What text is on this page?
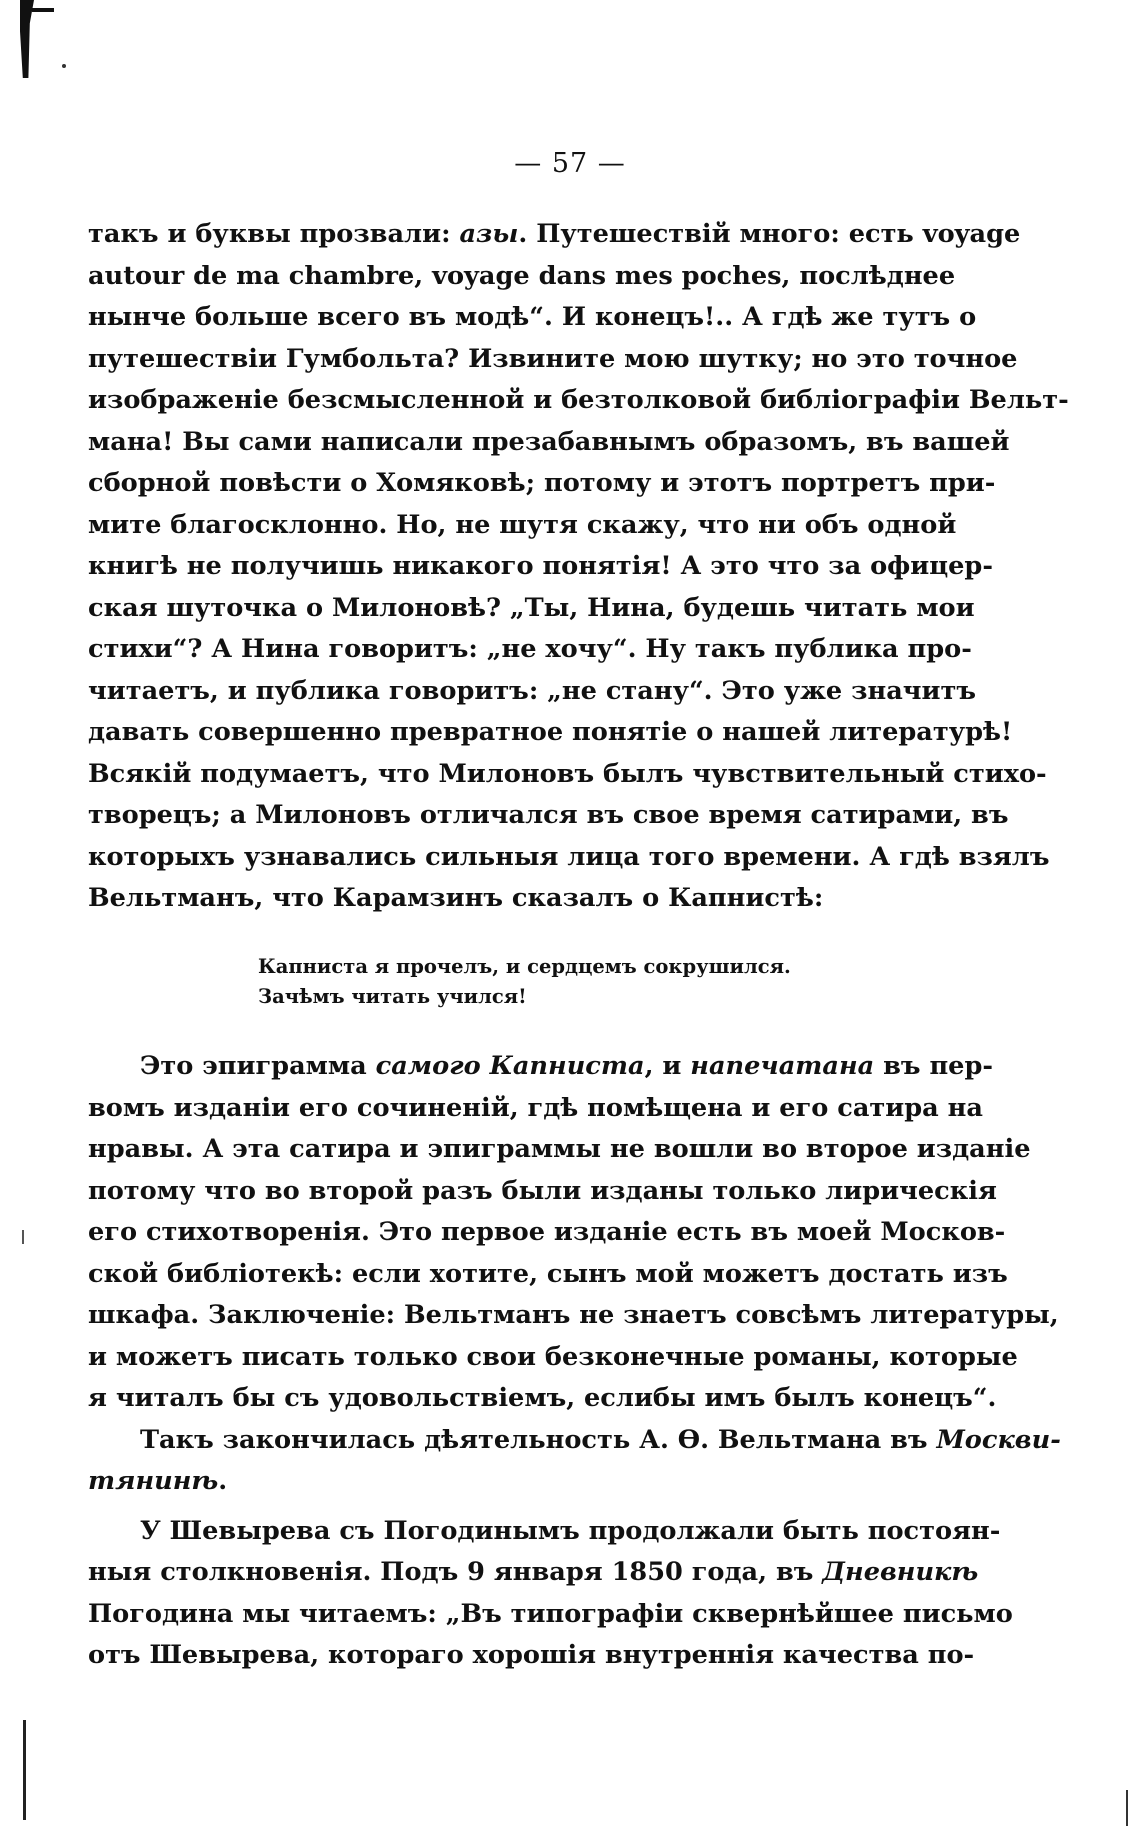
— 57 —

такъ и буквы прозвали: азы. Путешествій много: есть voyage

autour de ma chambre, voyage dans mes poches, послѣднее

нынче больше всего въ модѣ“. И конецъ!.. А гдѣ же тутъ о

путешествіи Гумбольта? Извините мою шутку; но это точное

изображеніе безсмысленной и безтолковой библіографіи Вельт-

мана! Вы сами написали презабавнымъ образомъ, въ вашей

сборной повѣсти о Хомяковѣ; потому и этотъ портретъ при-

мите благосклонно. Но, не шутя скажу, что ни объ одной

книгѣ не получишь никакого понятія! А это что за офицер-

ская шуточка о Милоновѣ? „Ты, Нина, будешь читать мои

стихи“? А Нина говоритъ: „не хочу“. Ну такъ публика про-

читаетъ, и публика говоритъ: „не стану“. Это уже значитъ

давать совершенно превратное понятіе о нашей литературѣ!

Всякій подумаетъ, что Милоновъ былъ чувствительный стихо-

творецъ; а Милоновъ отличался въ свое время сатирами, въ

которыхъ узнавались сильныя лица того времени. А гдѣ взялъ

Вельтманъ, что Карамзинъ сказалъ о Капнистѣ:

Капниста я прочелъ, и сердцемъ сокрушился.

Зачѣмъ читать учился!

Это эпиграмма самого Капниста, и напечатана въ пер-

вомъ изданіи его сочиненій, гдѣ помѣщена и его сатира на

нравы. А эта сатира и эпиграммы не вошли во второе изданіе

потому что во второй разъ были изданы только лирическія

его стихотворенія. Это первое изданіе есть въ моей Москов-

ской библіотекѣ: если хотите, сынъ мой можетъ достать изъ

шкафа. Заключеніе: Вельтманъ не знаетъ совсѣмъ литературы,

и можетъ писать только свои безконечные романы, которые

я читалъ бы съ удовольствіемъ, еслибы имъ былъ конецъ“.

Такъ закончилась дѣятельность А. Ѳ. Вельтмана въ Москви-

тянинѣ.

У Шевырева съ Погодинымъ продолжали быть постоян-

ныя столкновенія. Подъ 9 января 1850 года, въ Дневникѣ

Погодина мы читаемъ: „Въ типографіи сквернѣйшее письмо

отъ Шевырева, котораго хорошія внутреннія качества по-
